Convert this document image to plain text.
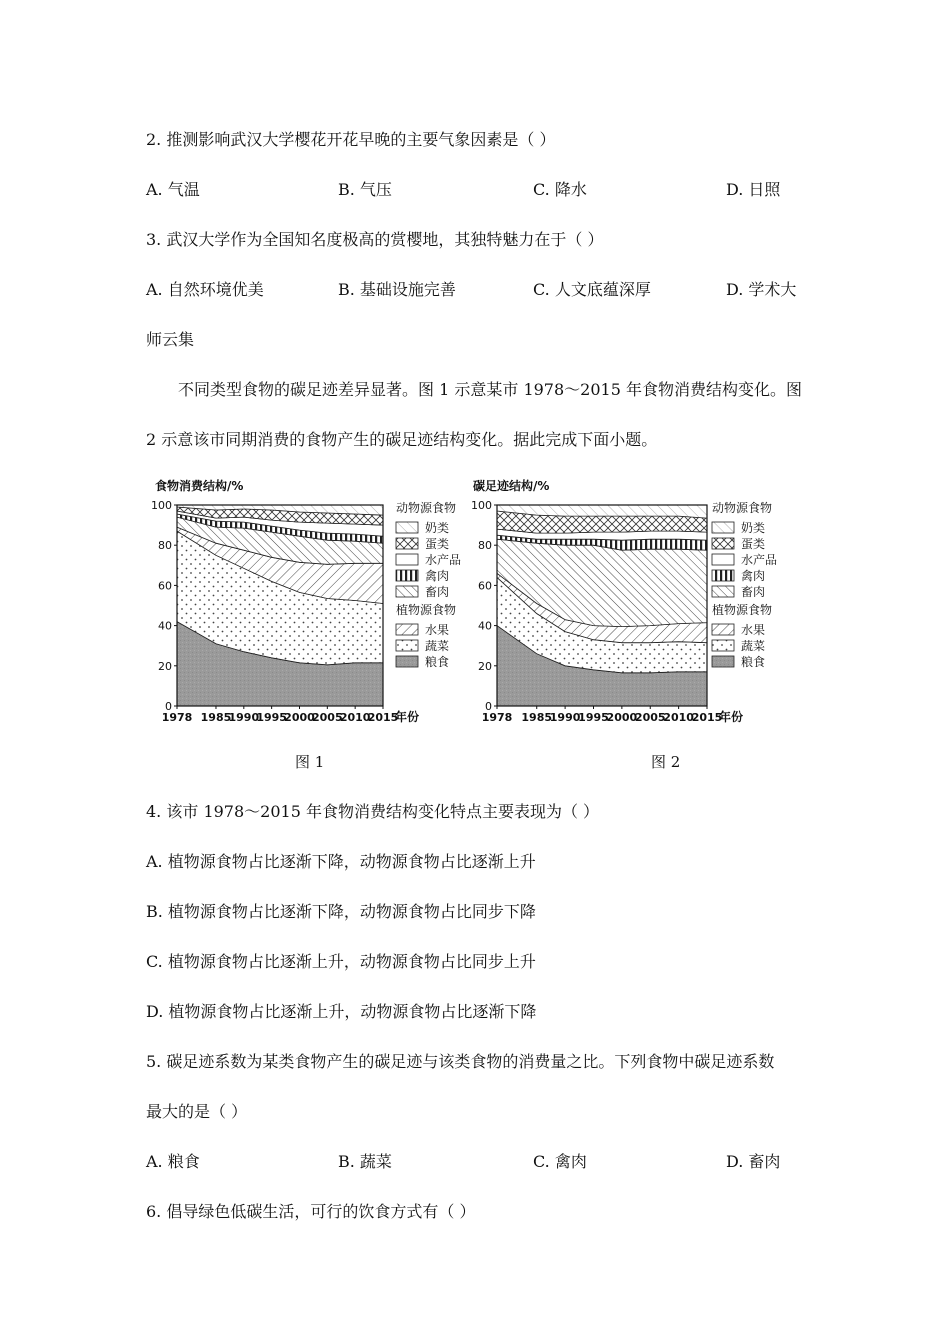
2. 推测影响武汉大学樱花开花早晚的主要气象因素是（ ）
A. 气温	B. 气压	C. 降水	D. 日照
3. 武汉大学作为全国知名度极高的赏樱地，其独特魅力在于（ ）
A. 自然环境优美	B. 基础设施完善	C. 人文底蕴深厚	D. 学术大
师云集
不同类型食物的碳足迹差异显著。图 1 示意某市 1978～2015 年食物消费结构变化。图
2 示意该市同期消费的食物产生的碳足迹结构变化。据此完成下面小题。
0
20
40
60
80
100
1978 1985
1990
1995
2000
2005
2010
2015
年份
食物消费结构/%
动物源食物
奶类
蛋类
水产品
禽肉
畜肉
植物源食物
水果
蔬菜
粮食
0
20
40
60
80
100
1978 1985
1990
1995
2000
2005
2010
2015
年份
碳足迹结构/%
动物源食物
奶类
蛋类
水产品
禽肉
畜肉
植物源食物
水果
蔬菜
粮食
图 1	图 2
4. 该市 1978～2015 年食物消费结构变化特点主要表现为（ ）
A. 植物源食物占比逐渐下降，动物源食物占比逐渐上升
B. 植物源食物占比逐渐下降，动物源食物占比同步下降
C. 植物源食物占比逐渐上升，动物源食物占比同步上升
D. 植物源食物占比逐渐上升，动物源食物占比逐渐下降
5. 碳足迹系数为某类食物产生的碳足迹与该类食物的消费量之比。下列食物中碳足迹系数
最大的是（ ）
A. 粮食	B. 蔬菜	C. 禽肉	D. 畜肉
6. 倡导绿色低碳生活，可行的饮食方式有（ ）
